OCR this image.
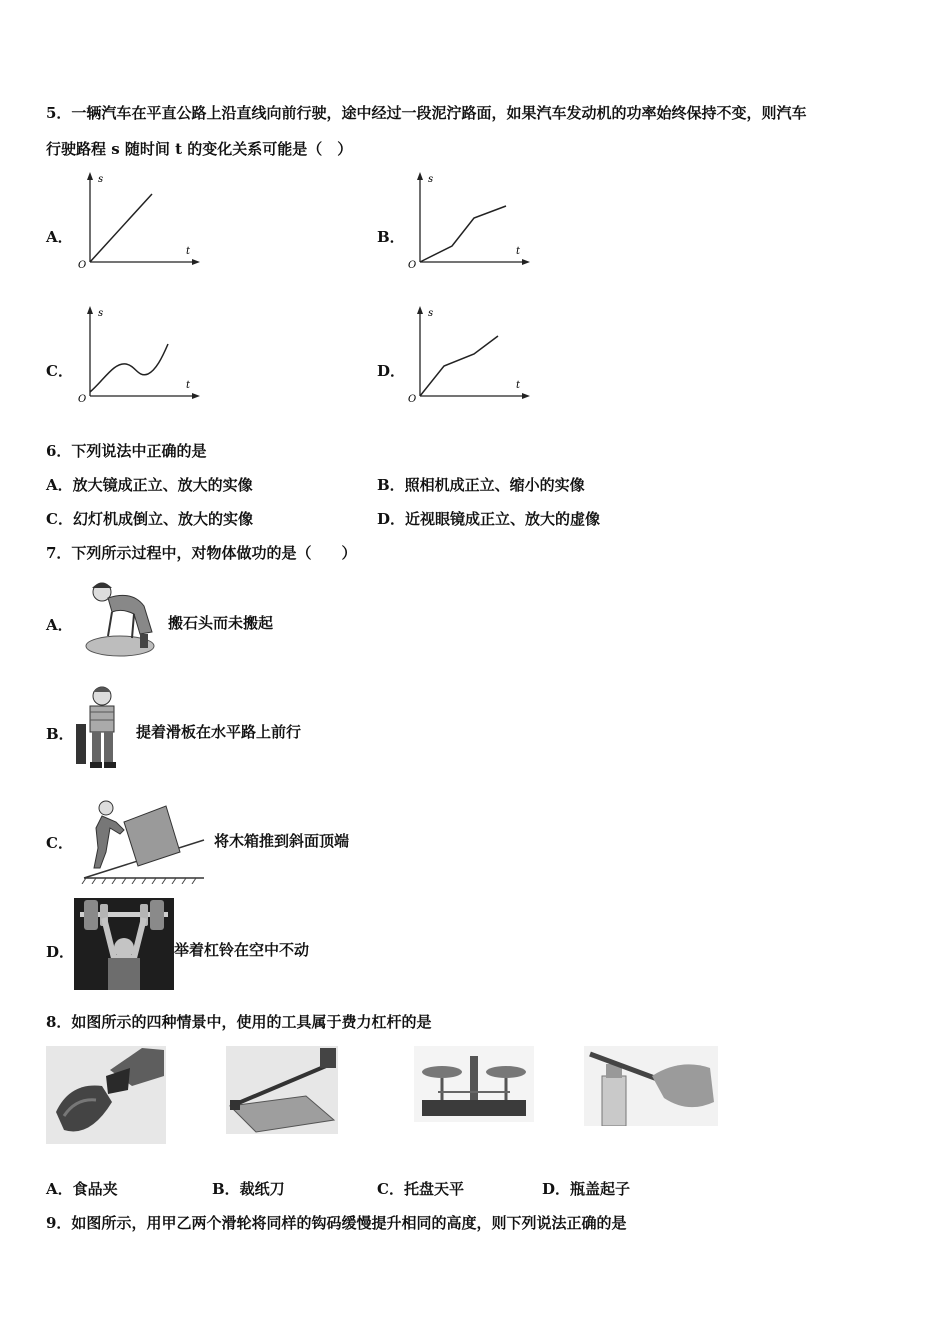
5．一辆汽车在平直公路上沿直线向前行驶，途中经过一段泥泞路面，如果汽车发动机的功率始终保持不变，则汽车
行驶路程 s 随时间 t 的变化关系可能是（　）
A．	B．
C．	D．
s
t
O
s
t
O
s
t
O
s
t
O
6．下列说法中正确的是
A．放大镜成正立、放大的实像	B．照相机成正立、缩小的实像
C．幻灯机成倒立、放大的实像	D．近视眼镜成正立、放大的虚像
7．下列所示过程中，对物体做功的是（　　）
A．	搬石头而未搬起
B．	提着滑板在水平路上前行
C．	将木箱推到斜面顶端
D．	举着杠铃在空中不动
8．如图所示的四种情景中，使用的工具属于费力杠杆的是
A．食品夹	B．裁纸刀	C．托盘天平	D．瓶盖起子
9．如图所示，用甲乙两个滑轮将同样的钩码缓慢提升相同的高度，则下列说法正确的是
